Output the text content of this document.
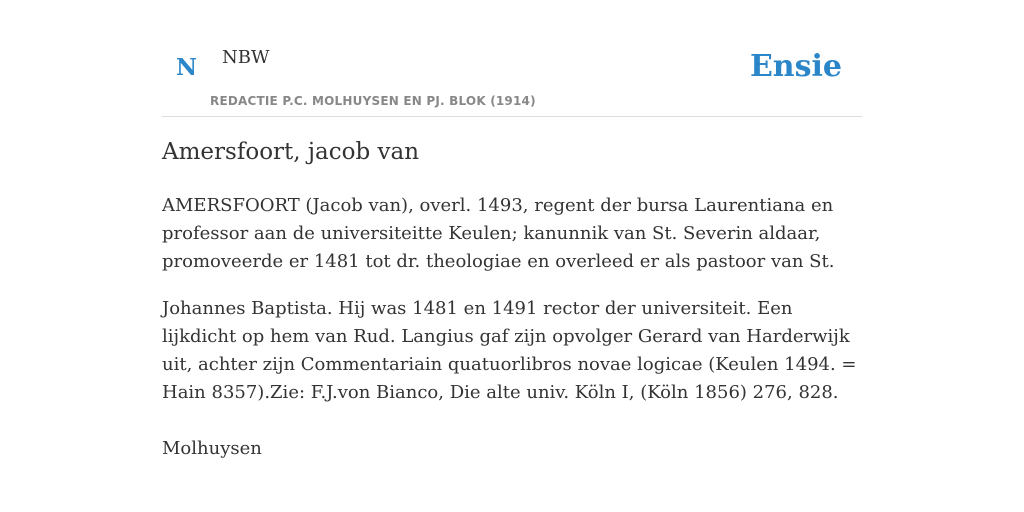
N NBW
REDACTIE P.C. MOLHUYSEN EN PJ. BLOK (1914)
Ensie
Amersfoort, jacob van

AMERSFOORT (Jacob van), overl. 1493, regent der bursa Laurentiana en professor aan de universiteitte Keulen; kanunnik van St. Severin aldaar, promoveerde er 1481 tot dr. theologiae en overleed er als pastoor van St.

Johannes Baptista. Hij was 1481 en 1491 rector der universiteit. Een lijkdicht op hem van Rud. Langius gaf zijn opvolger Gerard van Harderwijk uit, achter zijn Commentariain quatuorlibros novae logicae (Keulen 1494. = Hain 8357).Zie: F.J.von Bianco, Die alte univ. Köln I, (Köln 1856) 276, 828.

Molhuysen
